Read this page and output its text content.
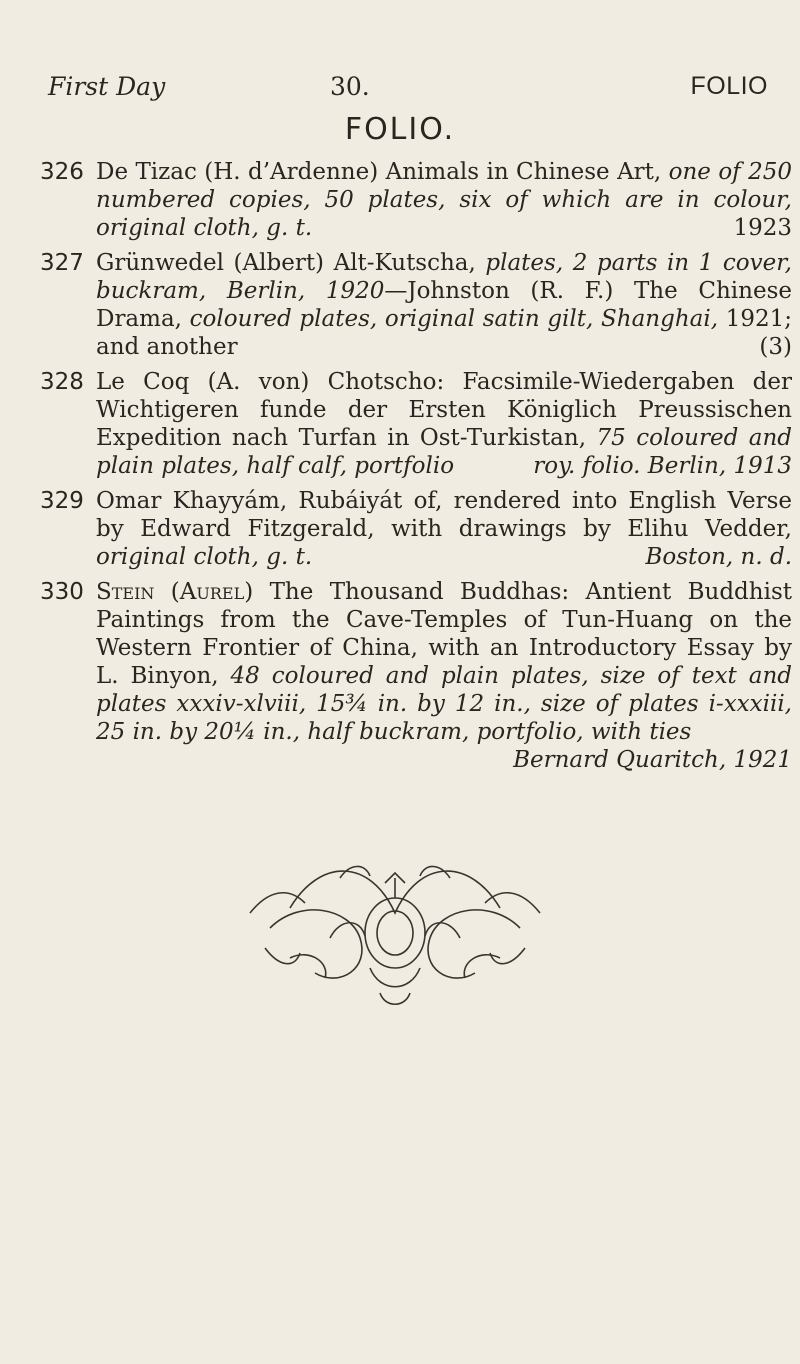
First Day	30.	FOLIO
FOLIO.
326 De Tizac (H. d’Ardenne) Animals in Chinese Art, one of 250 numbered copies, 50 plates, six of which are in colour, original cloth, g. t.	1923
327 Grünwedel (Albert) Alt-Kutscha, plates, 2 parts in 1 cover, buckram, Berlin, 1920—Johnston (R. F.) The Chinese Drama, coloured plates, original satin gilt, Shanghai, 1921; and another	(3)
328 Le Coq (A. von) Chotscho: Facsimile-Wiedergaben der Wichtigeren funde der Ersten Königlich Preussischen Expedition nach Turfan in Ost-Turkistan, 75 coloured and plain plates, half calf, portfolio	roy. folio. Berlin, 1913
329 Omar Khayyám, Rubáiyát of, rendered into English Verse by Edward Fitzgerald, with drawings by Elihu Vedder, original cloth, g. t.	Boston, n. d.
330 Stein (Aurel) The Thousand Buddhas: Antient Buddhist Paintings from the Cave-Temples of Tun-Huang on the Western Frontier of China, with an Introductory Essay by L. Binyon, 48 coloured and plain plates, size of text and plates xxxiv-xlviii, 15¾ in. by 12 in., size of plates i-xxxiii, 25 in. by 20¼ in., half buckram, portfolio, with ties
Bernard Quaritch, 1921
